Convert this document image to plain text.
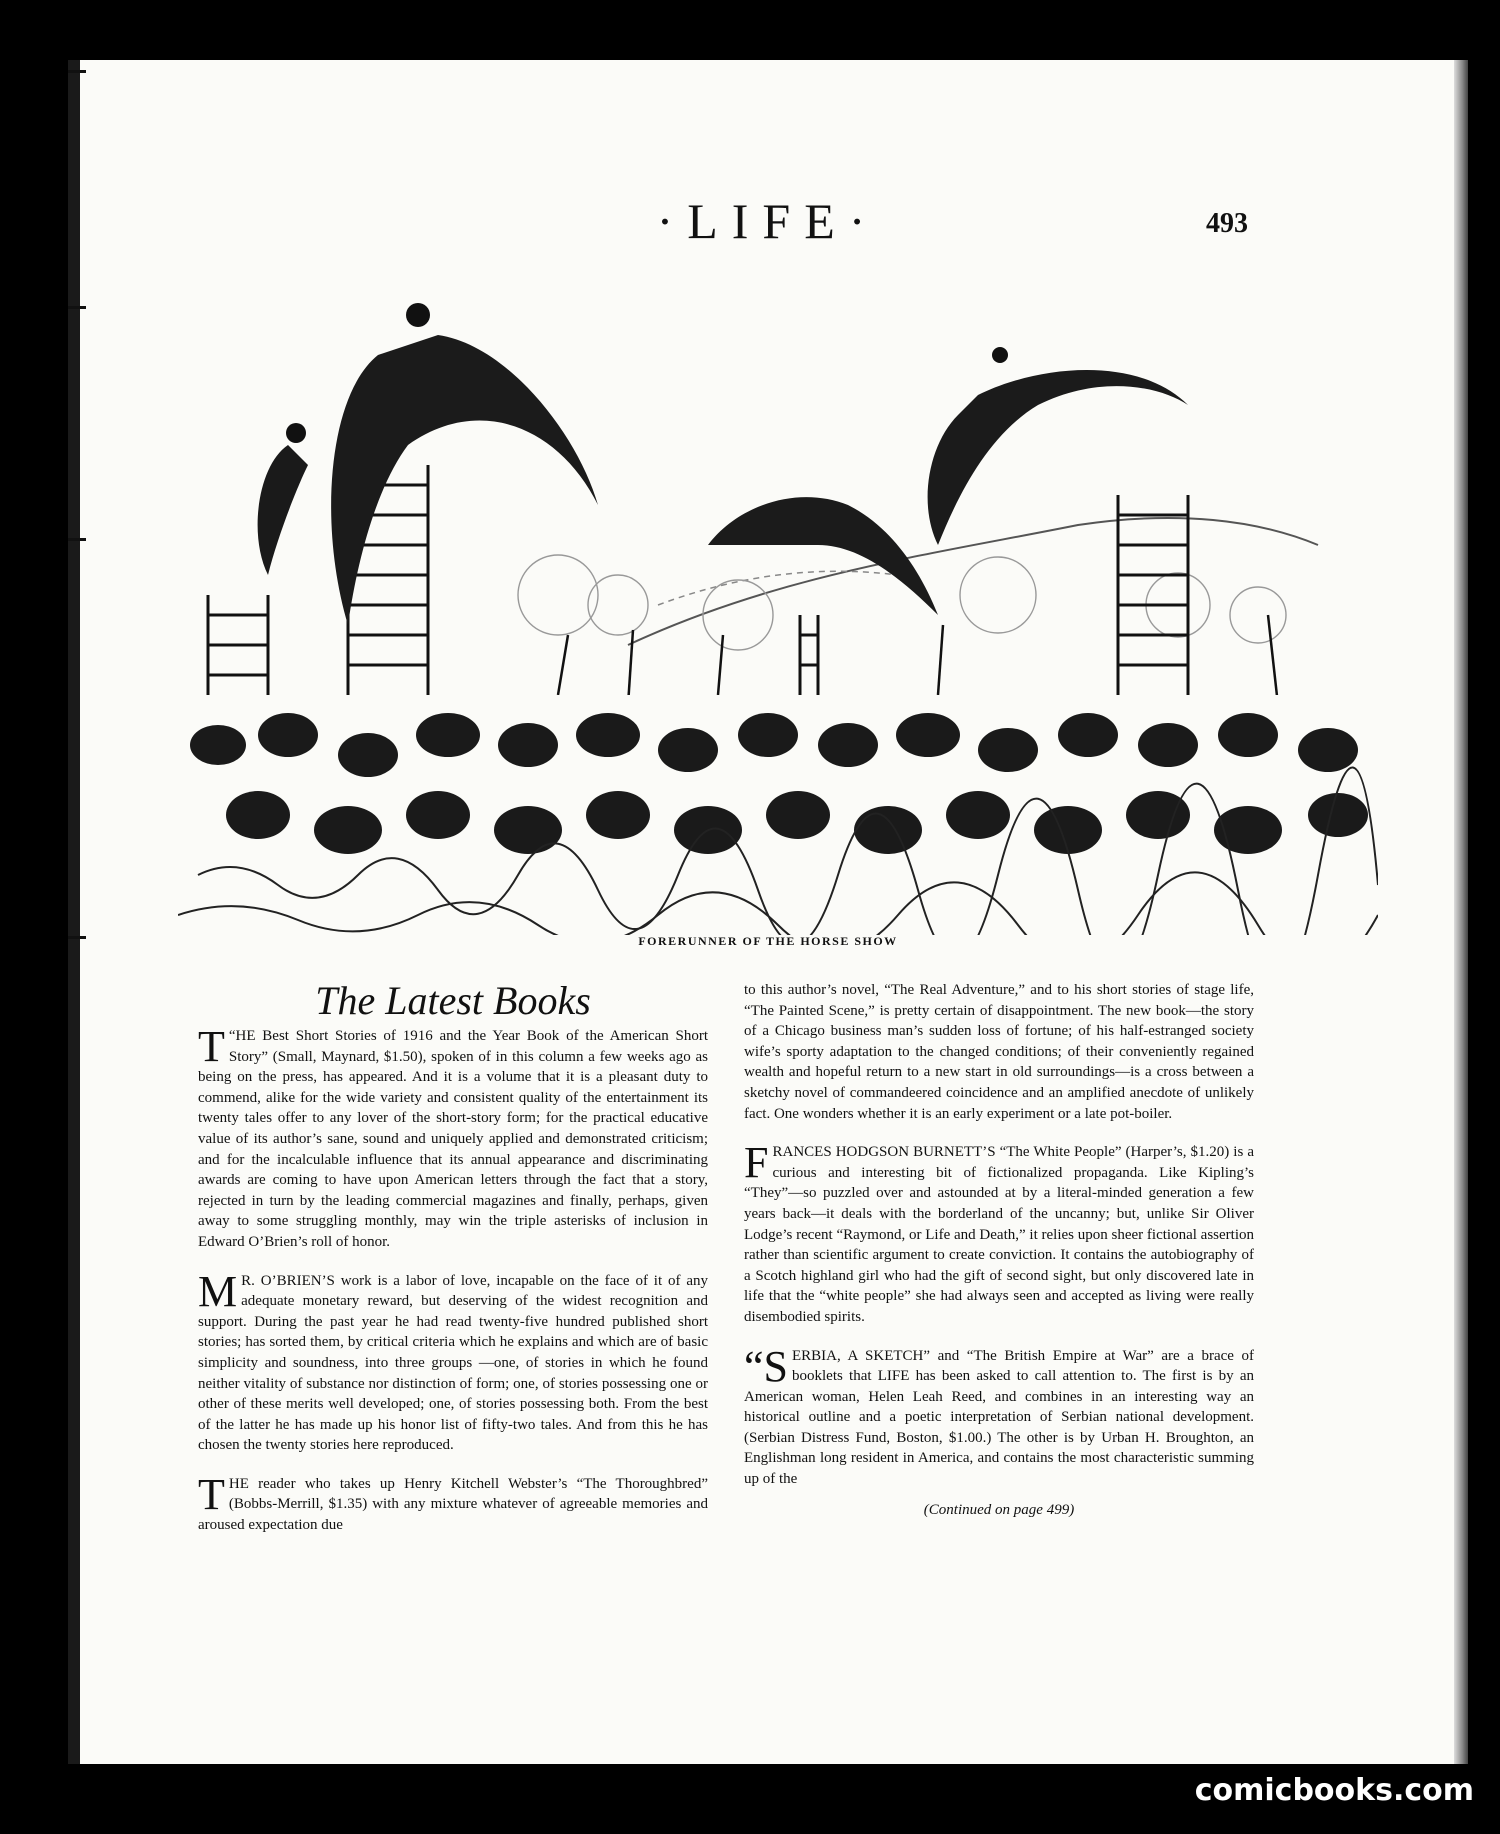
·LIFE·	493
FORERUNNER OF THE HORSE SHOW
The Latest Books

T “HE Best Short Stories of 1916 and the Year Book of the American Short Story” (Small, Maynard, $1.50), spoken of in this column a few weeks ago as being on the press, has appeared. And it is a volume that it is a pleasant duty to commend, alike for the wide variety and consistent quality of the entertainment its twenty tales offer to any lover of the short-story form; for the practical educative value of its author’s sane, sound and uniquely applied and demonstrated criticism; and for the incalculable influence that its annual appearance and discriminating awards are coming to have upon American letters through the fact that a story, rejected in turn by the leading commercial magazines and finally, perhaps, given away to some struggling monthly, may win the triple asterisks of inclusion in Edward O’Brien’s roll of honor.

M R. O’BRIEN’S work is a labor of love, incapable on the face of it of any adequate monetary reward, but deserving of the widest recognition and support. During the past year he had read twenty-five hundred published short stories; has sorted them, by critical criteria which he explains and which are of basic simplicity and soundness, into three groups —one, of stories in which he found neither vitality of substance nor distinction of form; one, of stories possessing one or other of these merits well developed; one, of stories possessing both. From the best of the latter he has made up his honor list of fifty-two tales. And from this he has chosen the twenty stories here reproduced.

THE reader who takes up Henry Kitchell Webster’s “The Thoroughbred” (Bobbs-Merrill, $1.35) with any mixture whatever of agreeable memories and aroused expectation due

to this author’s novel, “The Real Adventure,” and to his short stories of stage life, “The Painted Scene,” is pretty certain of disappointment. The new book—the story of a Chicago business man’s sudden loss of fortune; of his half-estranged society wife’s sporty adaptation to the changed conditions; of their conveniently regained wealth and hopeful return to a new start in old surroundings—is a cross between a sketchy novel of commandeered coincidence and an amplified anecdote of unlikely fact. One wonders whether it is an early experiment or a late pot-boiler.

FRANCES HODGSON BURNETT’S “The White People” (Harper’s, $1.20) is a curious and interesting bit of fictionalized propaganda. Like Kipling’s “They”—so puzzled over and astounded at by a literal-minded generation a few years back—it deals with the borderland of the uncanny; but, unlike Sir Oliver Lodge’s recent “Raymond, or Life and Death,” it relies upon sheer fictional assertion rather than scientific argument to create conviction. It contains the autobiography of a Scotch highland girl who had the gift of second sight, but only discovered late in life that the “white people” she had always seen and accepted as living were really disembodied spirits.

“SERBIA, A SKETCH” and “The British Empire at War” are a brace of booklets that LIFE has been asked to call attention to. The first is by an American woman, Helen Leah Reed, and combines in an interesting way an historical outline and a poetic interpretation of Serbian national development. (Serbian Distress Fund, Boston, $1.00.) The other is by Urban H. Broughton, an Englishman long resident in America, and contains the most characteristic summing up of the

(Continued on page 499)
comicbooks.com
